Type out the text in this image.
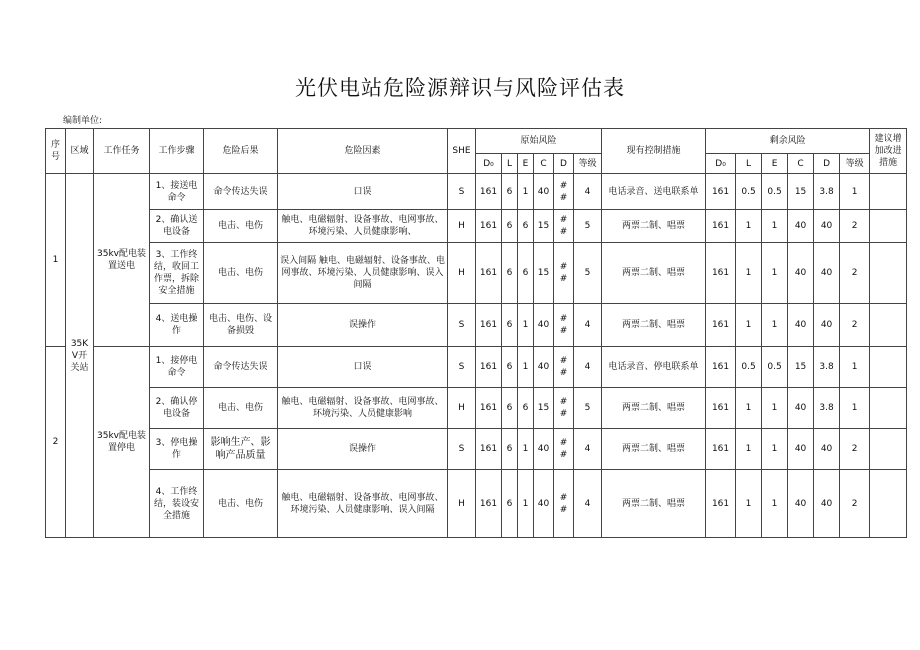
光伏电站危险源辩识与风险评估表
编制单位:
序号	区域	工作任务	工作步骤	危险后果	危险因素	SHE	原始风险						现有控制措施	剩余风险						建议增加改进措施
							D₀	L	E	C	D	等级		D₀	L	E	C	D	等级	
1	35KV开关站	35kv配电装置送电	1、接送电命令	命令传达失误	口误	S	161	6	1	40	##	4	电话录音、送电联系单	161	0.5	0.5	15	3.8	1	
			2、确认送电设备	电击、电伤	触电、电磁辐射、设备事故、电网事故、环境污染、人员健康影响、	H	161	6	6	15	##	5	两票二制、唱票	161	1	1	40	40	2	
			3、工作终结，收回工作票，拆除安全措施	电击、电伤	误入间隔 触电、电磁辐射、设备事故、电网事故、环境污染、人员健康影响、误入间隔	H	161	6	6	15	##	5	两票二制、唱票	161	1	1	40	40	2	
			4、送电操作	电击、电伤、设备损毁	误操作	S	161	6	1	40	##	4	两票二制、唱票	161	1	1	40	40	2	
2		35kv配电装置停电	1、接停电命令	命令传达失误	口误	S	161	6	1	40	##	4	电话录音、停电联系单	161	0.5	0.5	15	3.8	1	
			2、确认停电设备	电击、电伤	触电、电磁辐射、设备事故、电网事故、环境污染、人员健康影响	H	161	6	6	15	##	5	两票二制、唱票	161	1	1	40	3.8	1	
			3、停电操作	影响生产、影响产品质量	误操作	S	161	6	1	40	##	4	两票二制、唱票	161	1	1	40	40	2	
			4、工作终结，装设安全措施	电击、电伤	触电、电磁辐射、设备事故、电网事故、环境污染、人员健康影响、误入间隔	H	161	6	1	40	##	4	两票二制、唱票	161	1	1	40	40	2	
